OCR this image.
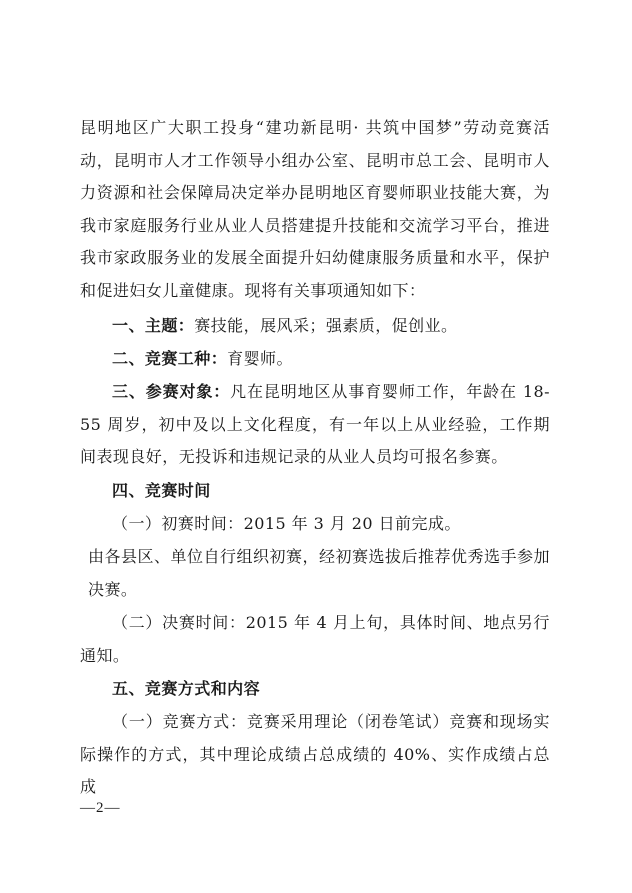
昆明地区广大职工投身“建功新昆明· 共筑中国梦”劳动竞赛活动，昆明市人才工作领导小组办公室、昆明市总工会、昆明市人力资源和社会保障局决定举办昆明地区育婴师职业技能大赛，为我市家庭服务行业从业人员搭建提升技能和交流学习平台，推进我市家政服务业的发展全面提升妇幼健康服务质量和水平，保护和促进妇女儿童健康。现将有关事项通知如下：

一、主题：赛技能，展风采；强素质，促创业。

二、竞赛工种：育婴师。

三、参赛对象：凡在昆明地区从事育婴师工作，年龄在 18-55 周岁，初中及以上文化程度，有一年以上从业经验，工作期间表现良好，无投诉和违规记录的从业人员均可报名参赛。

四、竞赛时间

（一）初赛时间：2015 年 3 月 20 日前完成。

由各县区、单位自行组织初赛，经初赛选拔后推荐优秀选手参加决赛。

（二）决赛时间：2015 年 4 月上旬，具体时间、地点另行通知。

五、竞赛方式和内容

（一）竞赛方式：竞赛采用理论（闭卷笔试）竞赛和现场实际操作的方式，其中理论成绩占总成绩的 40%、实作成绩占总成

—2—
